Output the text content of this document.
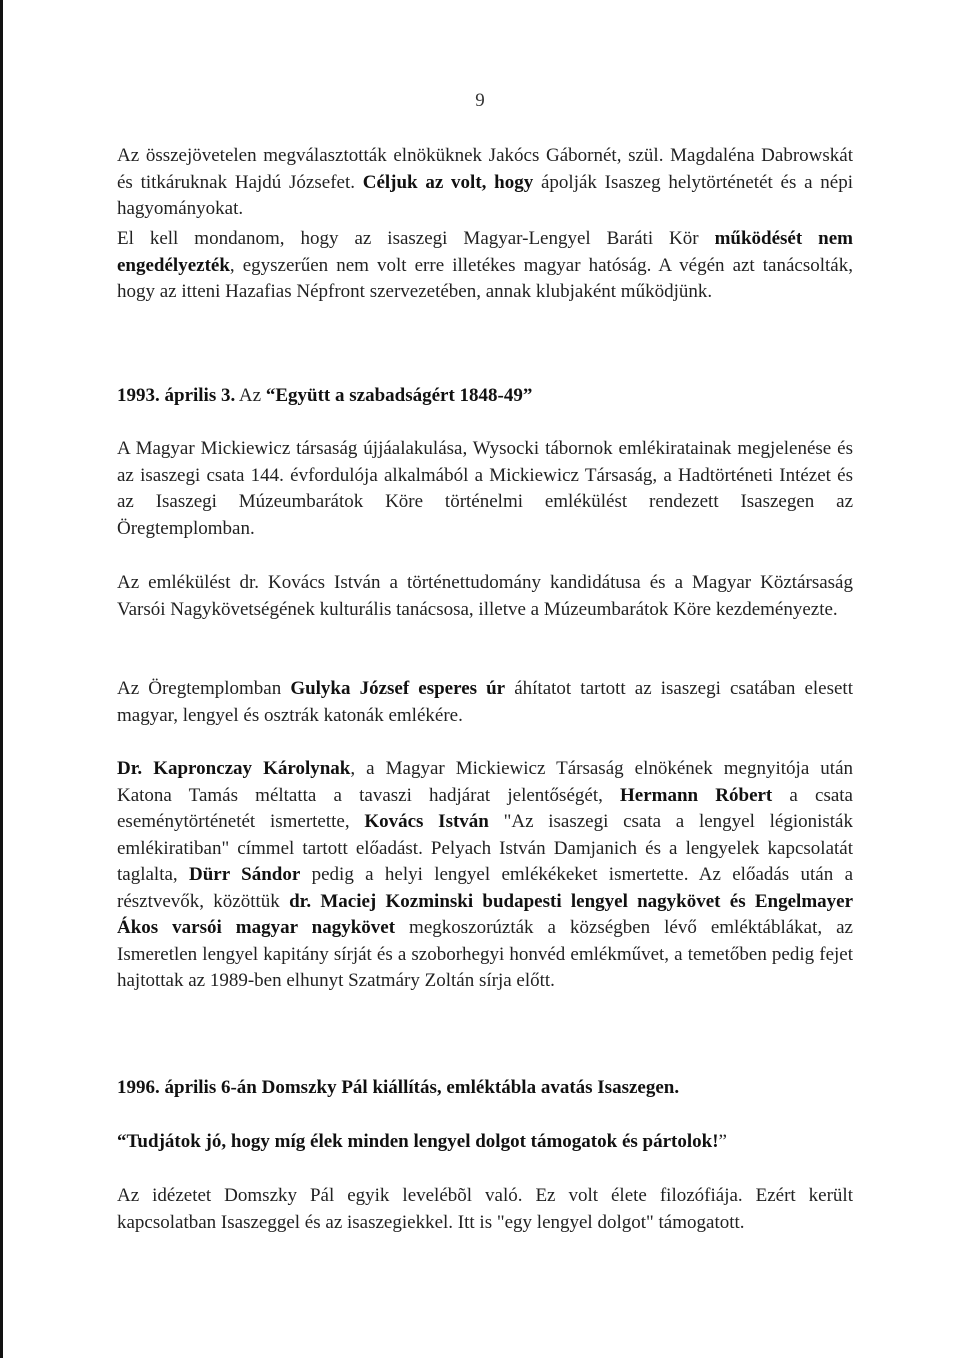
9

Az összejövetelen megválasztották elnöküknek Jakócs Gábornét, szül. Magdaléna Dabrowskát és titkáruknak Hajdú Józsefet. Céljuk az volt, hogy ápolják Isaszeg helytörténetét és a népi hagyományokat.

El kell mondanom, hogy az isaszegi Magyar-Lengyel Baráti Kör működését nem engedélyezték, egyszerűen nem volt erre illetékes magyar hatóság. A végén azt tanácsolták, hogy az itteni Hazafias Népfront szervezetében, annak klubjaként működjünk.

1993. április 3. Az “Együtt a szabadságért 1848-49”

A Magyar Mickiewicz társaság újjáalakulása, Wysocki tábornok emlékiratainak megjelenése és az isaszegi csata 144. évfordulója alkalmából a Mickiewicz Társaság, a Hadtörténeti Intézet és az Isaszegi Múzeumbarátok Köre történelmi emlékülést rendezett Isaszegen az Öregtemplomban.

Az emlékülést dr. Kovács István a történettudomány kandidátusa és a Magyar Köztársaság Varsói Nagykövetségének kulturális tanácsosa, illetve a Múzeumbarátok Köre kezdeményezte.

Az Öregtemplomban Gulyka József esperes úr áhítatot tartott az isaszegi csatában elesett magyar, lengyel és osztrák katonák emlékére.

Dr. Kapronczay Károlynak, a Magyar Mickiewicz Társaság elnökének megnyitója után Katona Tamás méltatta a tavaszi hadjárat jelentőségét, Hermann Róbert a csata eseménytörténetét ismertette, Kovács István "Az isaszegi csata a lengyel légionisták emlékiratiban" címmel tartott előadást. Pelyach István Damjanich és a lengyelek kapcsolatát taglalta, Dürr Sándor pedig a helyi lengyel emlékékeket ismertette. Az előadás után a résztvevők, közöttük dr. Maciej Kozminski budapesti lengyel nagykövet és Engelmayer Ákos varsói magyar nagykövet megkoszorúzták a községben lévő emléktáblákat, az Ismeretlen lengyel kapitány sírját és a szoborhegyi honvéd emlékművet, a temetőben pedig fejet hajtottak az 1989-ben elhunyt Szatmáry Zoltán sírja előtt.

1996. április 6-án Domszky Pál kiállítás, emléktábla avatás Isaszegen.

“Tudjátok jó, hogy míg élek minden lengyel dolgot támogatok és pártolok!”

Az idézetet Domszky Pál egyik levelébõl való. Ez volt élete filozófiája. Ezért került kapcsolatban Isaszeggel és az isaszegiekkel. Itt is "egy lengyel dolgot" támogatott.
